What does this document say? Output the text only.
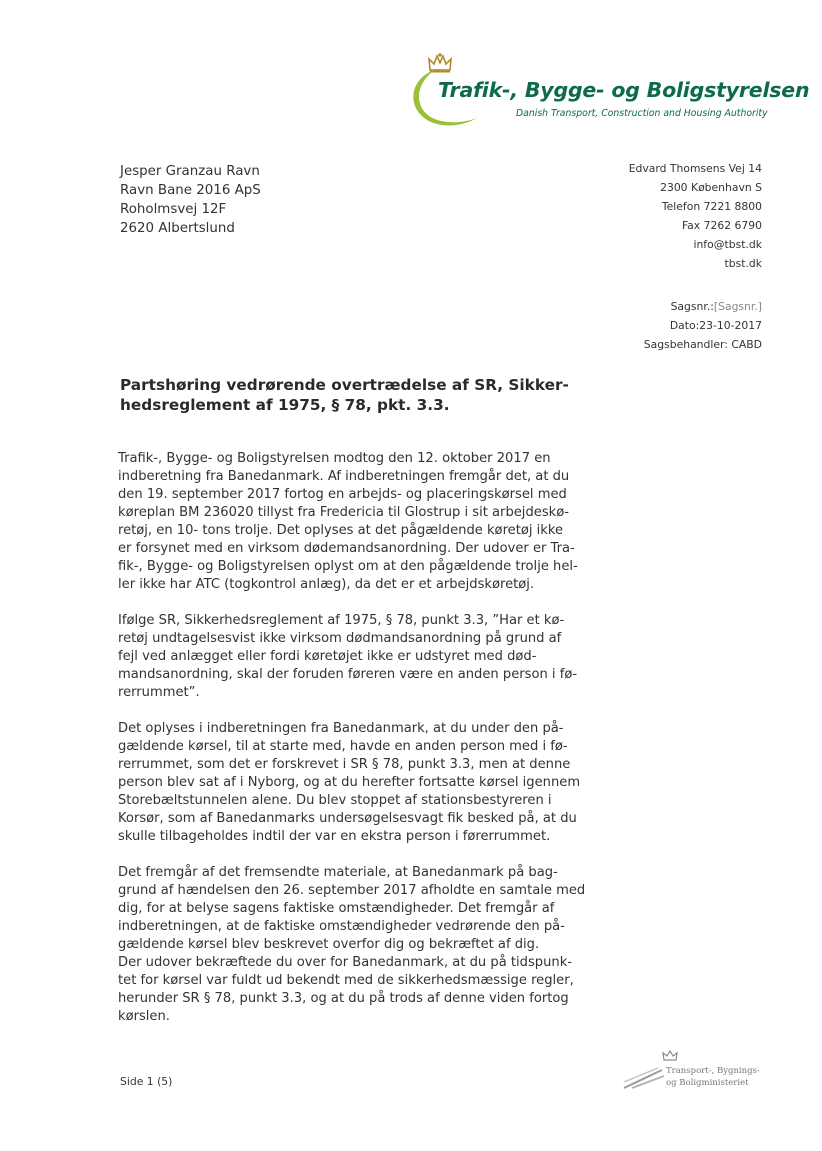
Trafik-, Bygge- og Boligstyrelsen
Danish Transport, Construction and Housing Authority
Jesper Granzau Ravn
Ravn Bane 2016 ApS
Roholmsvej 12F
2620 Albertslund
Edvard Thomsens Vej 14
2300 København S
Telefon 7221 8800
Fax 7262 6790
info@tbst.dk
tbst.dk
Sagsnr.:[Sagsnr.]
Dato:23-10-2017
Sagsbehandler: CABD
Partshøring vedrørende overtrædelse af SR, Sikker-
hedsreglement af 1975, § 78, pkt. 3.3.

Trafik-, Bygge- og Boligstyrelsen modtog den 12. oktober 2017 en
indberetning fra Banedanmark. Af indberetningen fremgår det, at du
den 19. september 2017 fortog en arbejds- og placeringskørsel med
køreplan BM 236020 tillyst fra Fredericia til Glostrup i sit arbejdeskø-
retøj, en 10- tons trolje. Det oplyses at det pågældende køretøj ikke
er forsynet med en virksom dødemandsanordning. Der udover er Tra-
fik-, Bygge- og Boligstyrelsen oplyst om at den pågældende trolje hel-
ler ikke har ATC (togkontrol anlæg), da det er et arbejdskøretøj.

Ifølge SR, Sikkerhedsreglement af 1975, § 78, punkt 3.3, ”Har et kø-
retøj undtagelsesvist ikke virksom dødmandsanordning på grund af
fejl ved anlægget eller fordi køretøjet ikke er udstyret med død-
mandsanordning, skal der foruden føreren være en anden person i fø-
rerrummet”.

Det oplyses i indberetningen fra Banedanmark, at du under den på-
gældende kørsel, til at starte med, havde en anden person med i fø-
rerrummet, som det er forskrevet i SR § 78, punkt 3.3, men at denne
person blev sat af i Nyborg, og at du herefter fortsatte kørsel igennem
Storebæltstunnelen alene. Du blev stoppet af stationsbestyreren i
Korsør, som af Banedanmarks undersøgelsesvagt fik besked på, at du
skulle tilbageholdes indtil der var en ekstra person i førerrummet.

Det fremgår af det fremsendte materiale, at Banedanmark på bag-
grund af hændelsen den 26. september 2017 afholdte en samtale med
dig, for at belyse sagens faktiske omstændigheder. Det fremgår af
indberetningen, at de faktiske omstændigheder vedrørende den på-
gældende kørsel blev beskrevet overfor dig og bekræftet af dig.
Der udover bekræftede du over for Banedanmark, at du på tidspunk-
tet for kørsel var fuldt ud bekendt med de sikkerhedsmæssige regler,
herunder SR § 78, punkt 3.3, og at du på trods af denne viden fortog
kørslen.

Side 1 (5)
Transport-, Bygnings-
og Boligministeriet
